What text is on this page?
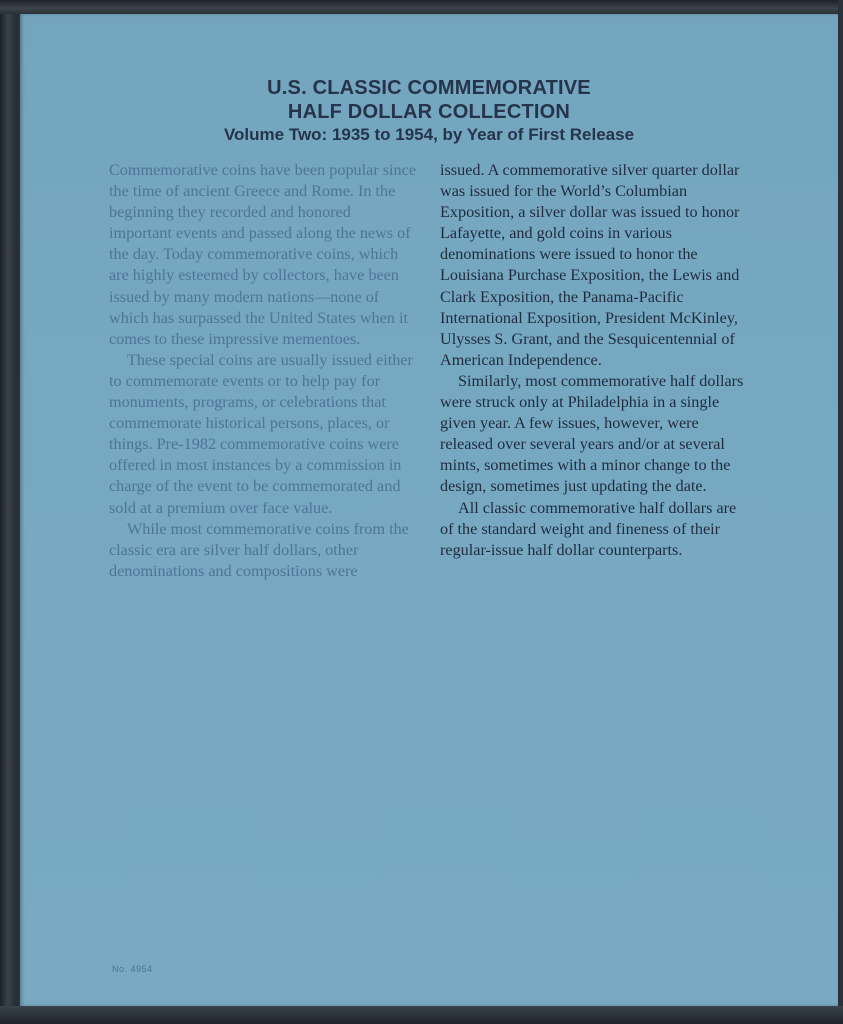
U.S. CLASSIC COMMEMORATIVE
HALF DOLLAR COLLECTION
Volume Two: 1935 to 1954, by Year of First Release

Commemorative coins have been popular since the time of ancient Greece and Rome. In the beginning they recorded and honored important events and passed along the news of the day. Today commemorative coins, which are highly esteemed by collectors, have been issued by many modern nations—none of which has surpassed the United States when it comes to these impressive mementoes.

These special coins are usually issued either to commemorate events or to help pay for monuments, programs, or celebrations that commemorate historical persons, places, or things. Pre-1982 commemorative coins were offered in most instances by a commission in charge of the event to be commemorated and sold at a premium over face value.

While most commemorative coins from the classic era are silver half dollars, other denominations and compositions were

issued. A commemorative silver quarter dollar was issued for the World’s Columbian Exposition, a silver dollar was issued to honor Lafayette, and gold coins in various denominations were issued to honor the Louisiana Purchase Exposition, the Lewis and Clark Exposition, the Panama-Pacific International Exposition, President McKinley, Ulysses S. Grant, and the Sesquicentennial of American Independence.

Similarly, most commemorative half dollars were struck only at Philadelphia in a single given year. A few issues, however, were released over several years and/or at several mints, sometimes with a minor change to the design, sometimes just updating the date.

All classic commemorative half dollars are of the standard weight and fineness of their regular-issue half dollar counterparts.

No. 4954
